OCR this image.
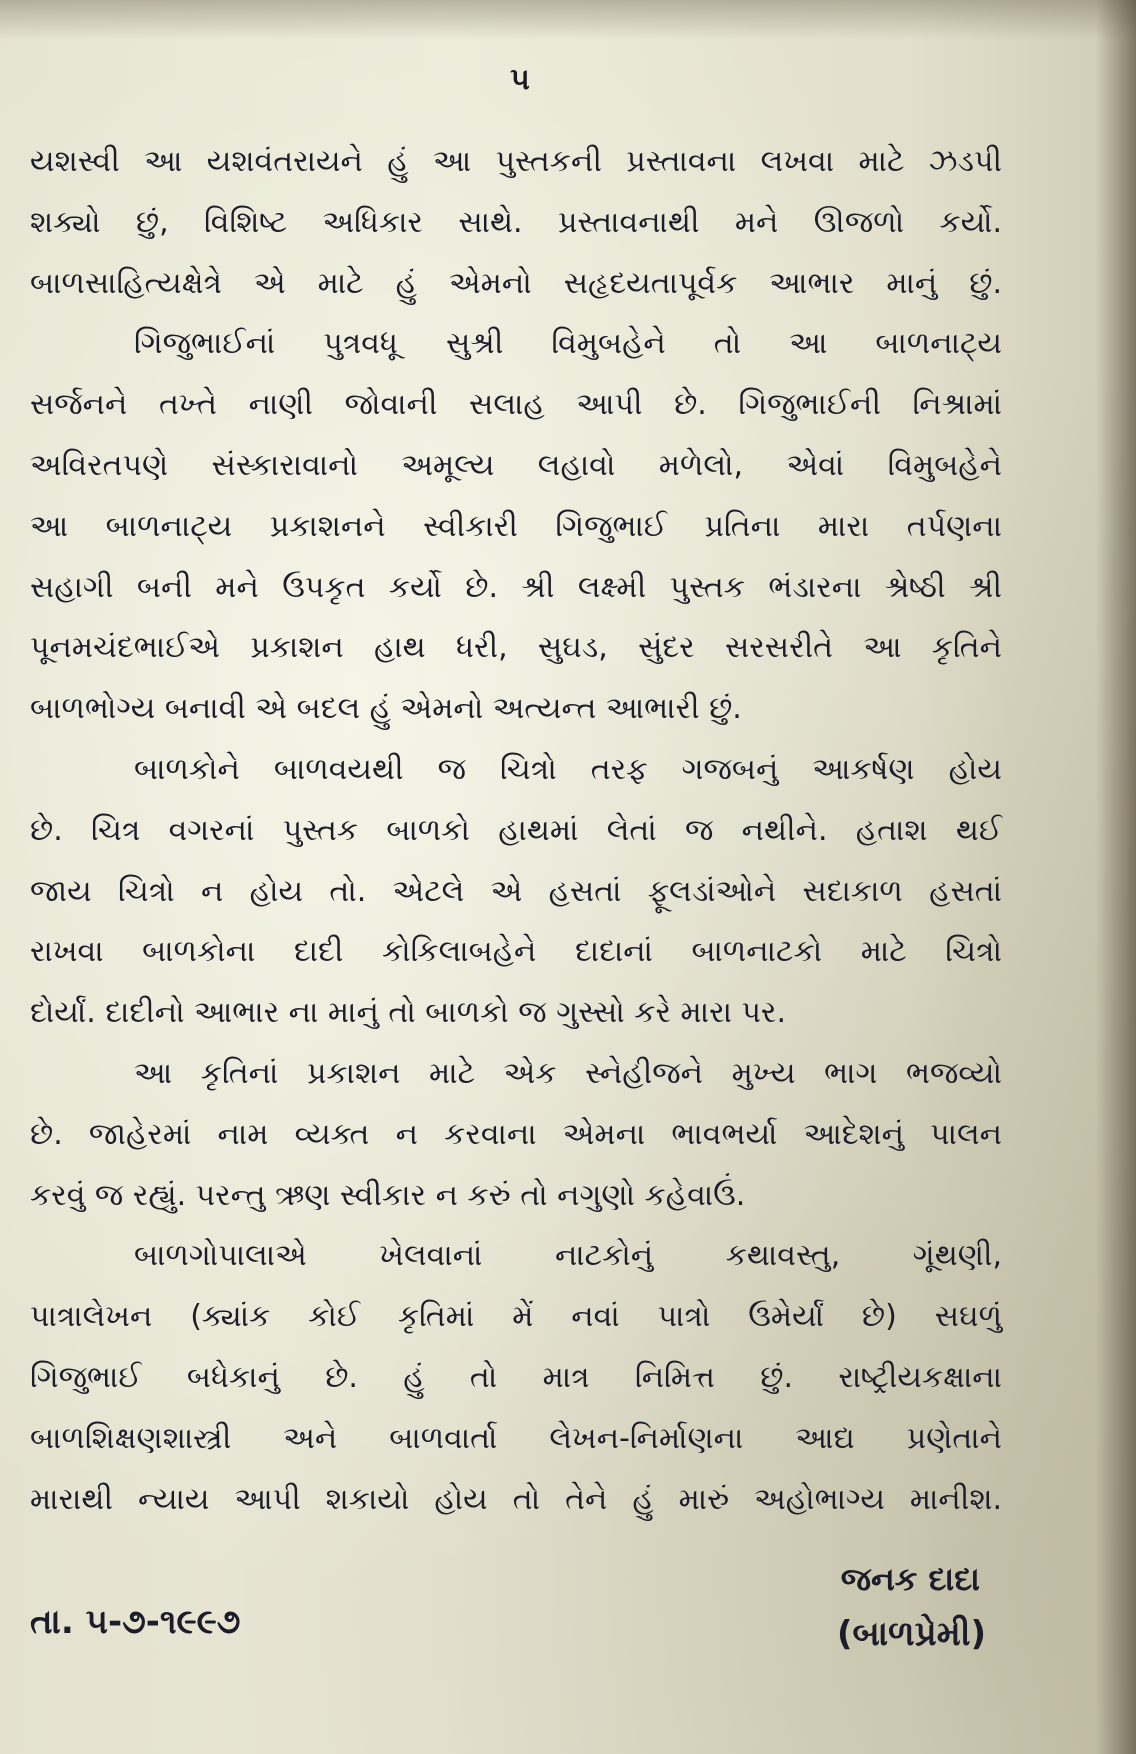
૫
યશસ્વી આ યશવંતરાયને હું આ પુસ્તકની પ્રસ્તાવના લખવા માટે ઝડપી
શક્યો છું, વિશિષ્ટ અધિકાર સાથે. પ્રસ્તાવનાથી મને ઊજળો કર્યો.
બાળસાહિત્યક્ષેત્રે એ માટે હું એમનો સહૃદયતાપૂર્વક આભાર માનું છું.
ગિજુભાઈનાં પુત્રવધૂ સુશ્રી વિમુબહેને તો આ બાળનાટ્ય
સર્જનને તખ્તે નાણી જોવાની સલાહ આપી છે. ગિજુભાઈની નિશ્રામાં
અવિરતપણે સંસ્કારાવાનો અમૂલ્ય લહાવો મળેલો, એવાં વિમુબહેને
આ બાળનાટ્ય પ્રકાશનને સ્વીકારી ગિજુભાઈ પ્રતિના મારા તર્પણના
સહાગી બની મને ઉપકૃત કર્યો છે. શ્રી લક્ષ્મી પુસ્તક ભંડારના શ્રેષ્ઠી શ્રી
પૂનમચંદભાઈએ પ્રકાશન હાથ ધરી, સુઘડ, સુંદર સરસરીતે આ કૃતિને
બાળભોગ્ય બનાવી એ બદલ હું એમનો અત્યન્ત આભારી છું.
બાળકોને બાળવયથી જ ચિત્રો તરફ ગજબનું આકર્ષણ હોય
છે. ચિત્ર વગરનાં પુસ્તક બાળકો હાથમાં લેતાં જ નથીને. હતાશ થઈ
જાય ચિત્રો ન હોય તો. એટલે એ હસતાં ફૂલડાંઓને સદાકાળ હસતાં
રાખવા બાળકોના દાદી કોકિલાબહેને દાદાનાં બાળનાટકો માટે ચિત્રો
દોર્યાં. દાદીનો આભાર ના માનું તો બાળકો જ ગુસ્સો કરે મારા પર.
આ કૃતિનાં પ્રકાશન માટે એક સ્નેહીજને મુખ્ય ભાગ ભજવ્યો
છે. જાહેરમાં નામ વ્યક્ત ન કરવાના એમના ભાવભર્યા આદેશનું પાલન
કરવું જ રહ્યું. પરન્તુ ઋણ સ્વીકાર ન કરું તો નગુણો કહેવાઉં.
બાળગોપાલાએ ખેલવાનાં નાટકોનું કથાવસ્તુ, ગૂંથણી,
પાત્રાલેખન (ક્યાંક કોઈ કૃતિમાં મેં નવાં પાત્રો ઉમેર્યાં છે) સઘળું
ગિજુભાઈ બધેકાનું છે. હું તો માત્ર નિમિત્ત છું. રાષ્ટ્રીયકક્ષાના
બાળશિક્ષણશાસ્ત્રી અને બાળવાર્તા લેખન-નિર્માણના આદ્ય પ્રણેતાને
મારાથી ન્યાય આપી શકાયો હોય તો તેને હું મારું અહોભાગ્ય માનીશ.
જનક દાદા
(બાળપ્રેમી)
તા. ૫-૭-૧૯૯૭
